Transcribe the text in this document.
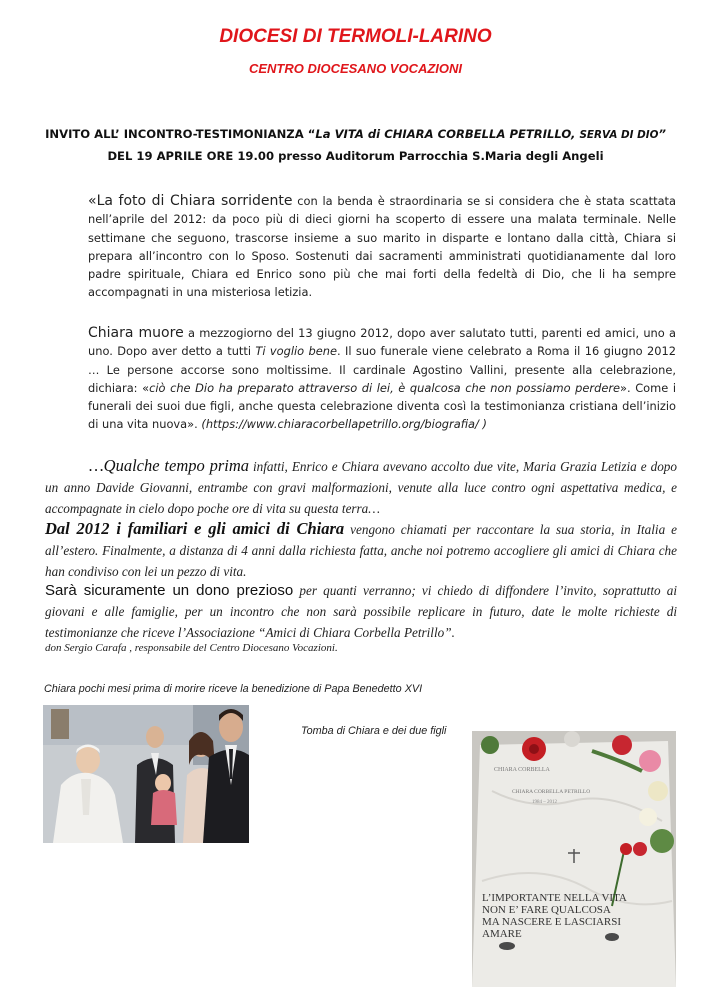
DIOCESI DI TERMOLI-LARINO
CENTRO DIOCESANO VOCAZIONI
INVITO ALL’ INCONTRO-TESTIMONIANZA “La VITA di CHIARA CORBELLA PETRILLO, SERVA DI DIO”
DEL 19 APRILE ORE 19.00 presso Auditorum Parrocchia S.Maria degli Angeli
«La foto di Chiara sorridente con la benda è straordinaria se si considera che è stata scattata nell’aprile del 2012: da poco più di dieci giorni ha scoperto di essere una malata terminale. Nelle settimane che seguono, trascorse insieme a suo marito in disparte e lontano dalla città, Chiara si prepara all’incontro con lo Sposo. Sostenuti dai sacramenti amministrati quotidianamente dal loro padre spirituale, Chiara ed Enrico sono più che mai forti della fedeltà di Dio, che li ha sempre accompagnati in una misteriosa letizia.
Chiara muore a mezzogiorno del 13 giugno 2012, dopo aver salutato tutti, parenti ed amici, uno a uno. Dopo aver detto a tutti Ti voglio bene. Il suo funerale viene celebrato a Roma il 16 giugno 2012 … Le persone accorse sono moltissime. Il cardinale Agostino Vallini, presente alla celebrazione, dichiara: «ciò che Dio ha preparato attraverso di lei, è qualcosa che non possiamo perdere». Come i funerali dei suoi due figli, anche questa celebrazione diventa così la testimonianza cristiana dell’inizio di una vita nuova». (https://www.chiaracorbellapetrillo.org/biografia/ )
…Qualche tempo prima infatti, Enrico e Chiara avevano accolto due vite, Maria Grazia Letizia e dopo un anno Davide Giovanni, entrambe con gravi malformazioni, venute alla luce contro ogni aspettativa medica, e accompagnate in cielo dopo poche ore di vita su questa terra…
Dal 2012 i familiari e gli amici di Chiara vengono chiamati per raccontare la sua storia, in Italia e all’estero. Finalmente, a distanza di 4 anni dalla richiesta fatta, anche noi potremo accogliere gli amici di Chiara che han condiviso con lei un pezzo di vita.
Sarà sicuramente un dono prezioso per quanti verranno; vi chiedo di diffondere l’invito, soprattutto ai giovani e alle famiglie, per un incontro che non sarà possibile replicare in futuro, date le molte richieste di testimonianze che riceve l’Associazione “Amici di Chiara Corbella Petrillo”.
don Sergio Carafa , responsabile del Centro Diocesano Vocazioni.
Chiara pochi mesi prima di morire riceve la benedizione di Papa Benedetto XVI
Tomba di Chiara e dei due figli
CHIARA CORBELLA
CHIARA CORBELLA PETRILLO
1984 – 2012
L’IMPORTANTE NELLA VITA
NON E’ FARE QUALCOSA
MA NASCERE E LASCIARSI
AMARE
